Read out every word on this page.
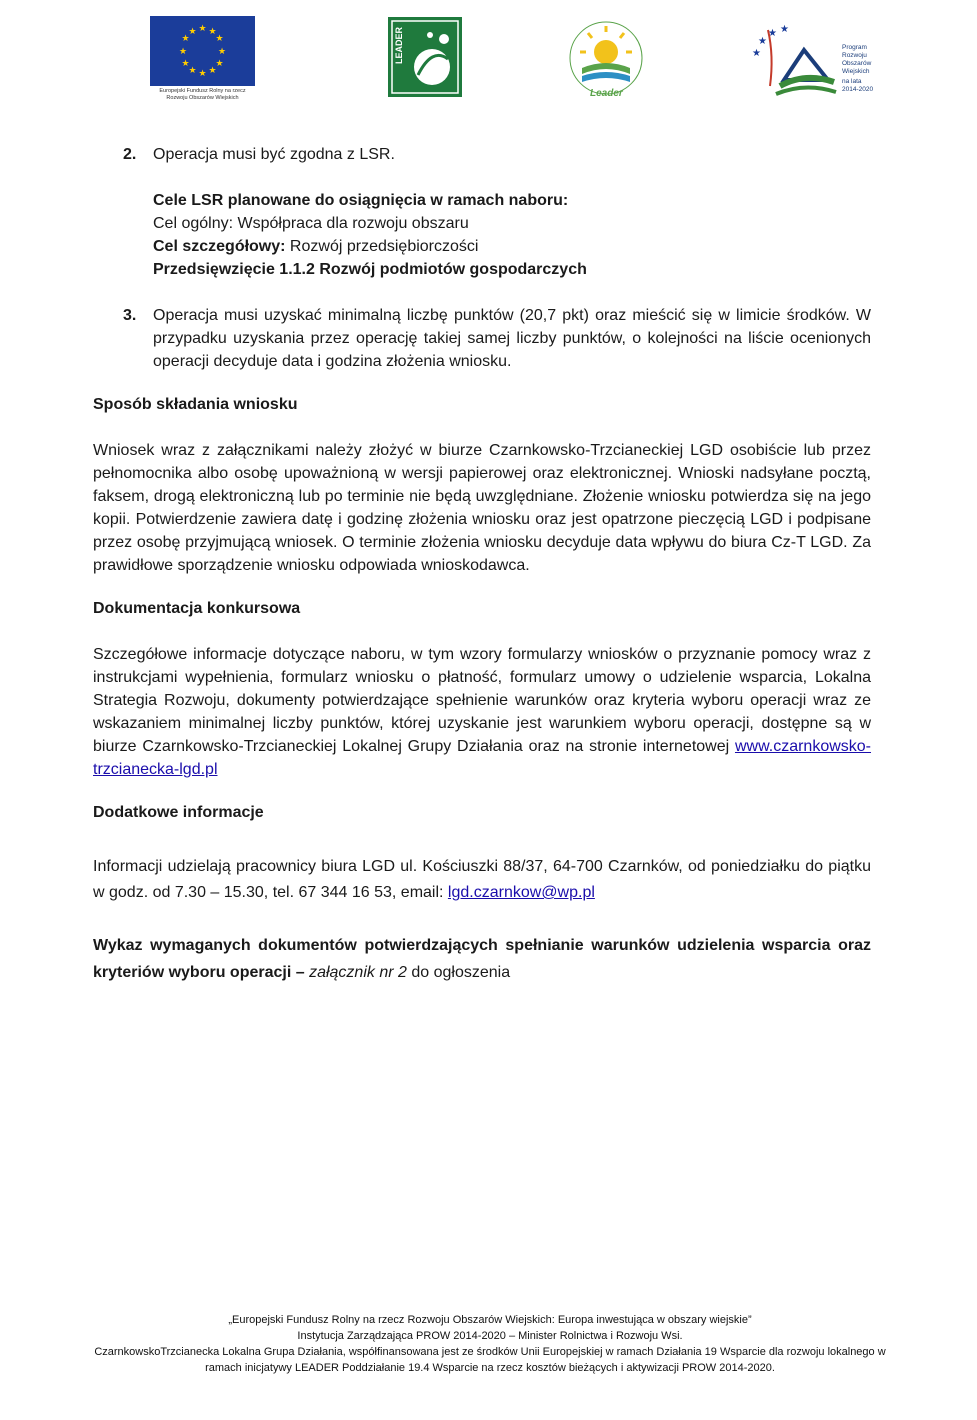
★ ★
★
★
★
★
★
★
★
★
★
★
Europejski Fundusz Rolny na rzecz Rozwoju Obszarów Wiejskich
LEADER
Leader
★
★
★ ★
Program Rozwoju Obszarów Wiejskich
na lata 2014-2020
2. Operacja musi być zgodna z LSR.

Cele LSR planowane do osiągnięcia w ramach naboru:

Cel ogólny: Współpraca dla rozwoju obszaru

Cel szczegółowy: Rozwój przedsiębiorczości

Przedsięwzięcie 1.1.2 Rozwój podmiotów gospodarczych

3. Operacja musi uzyskać minimalną liczbę punktów (20,7 pkt) oraz mieścić się w limicie środków. W przypadku uzyskania przez operację takiej samej liczby punktów, o kolejności na liście ocenionych operacji decyduje data i godzina złożenia wniosku.

Sposób składania wniosku

Wniosek wraz z załącznikami należy złożyć w biurze Czarnkowsko-Trzcianeckiej LGD osobiście lub przez pełnomocnika albo osobę upoważnioną w wersji papierowej oraz elektronicznej. Wnioski nadsyłane pocztą, faksem, drogą elektroniczną lub po terminie nie będą uwzględniane. Złożenie wniosku potwierdza się na jego kopii. Potwierdzenie zawiera datę i godzinę złożenia wniosku oraz jest opatrzone pieczęcią LGD i podpisane przez osobę przyjmującą wniosek. O terminie złożenia wniosku decyduje data wpływu do biura Cz-T LGD. Za prawidłowe sporządzenie wniosku odpowiada wnioskodawca.

Dokumentacja konkursowa

Szczegółowe informacje dotyczące naboru, w tym wzory formularzy wniosków o przyznanie pomocy wraz z instrukcjami wypełnienia, formularz wniosku o płatność, formularz umowy o udzielenie wsparcia, Lokalna Strategia Rozwoju, dokumenty potwierdzające spełnienie warunków oraz kryteria wyboru operacji wraz ze wskazaniem minimalnej liczby punktów, której uzyskanie jest warunkiem wyboru operacji, dostępne są w biurze Czarnkowsko-Trzcianeckiej Lokalnej Grupy Działania oraz na stronie internetowej www.czarnkowsko-trzcianecka-lgd.pl

Dodatkowe informacje

Informacji udzielają pracownicy biura LGD ul. Kościuszki 88/37, 64-700 Czarnków, od poniedziałku do piątku w godz. od 7.30 – 15.30, tel. 67 344 16 53, email: lgd.czarnkow@wp.pl

Wykaz wymaganych dokumentów potwierdzających spełnianie warunków udzielenia wsparcia oraz kryteriów wyboru operacji – załącznik nr 2 do ogłoszenia

„Europejski Fundusz Rolny na rzecz Rozwoju Obszarów Wiejskich: Europa inwestująca w obszary wiejskie”
Instytucja Zarządzająca PROW 2014-2020 – Minister Rolnictwa i Rozwoju Wsi.
CzarnkowskoTrzcianecka Lokalna Grupa Działania, współfinansowana jest ze środków Unii Europejskiej w ramach Działania 19 Wsparcie dla rozwoju lokalnego w ramach inicjatywy LEADER Poddziałanie 19.4 Wsparcie na rzecz kosztów bieżących i aktywizacji PROW 2014-2020.
